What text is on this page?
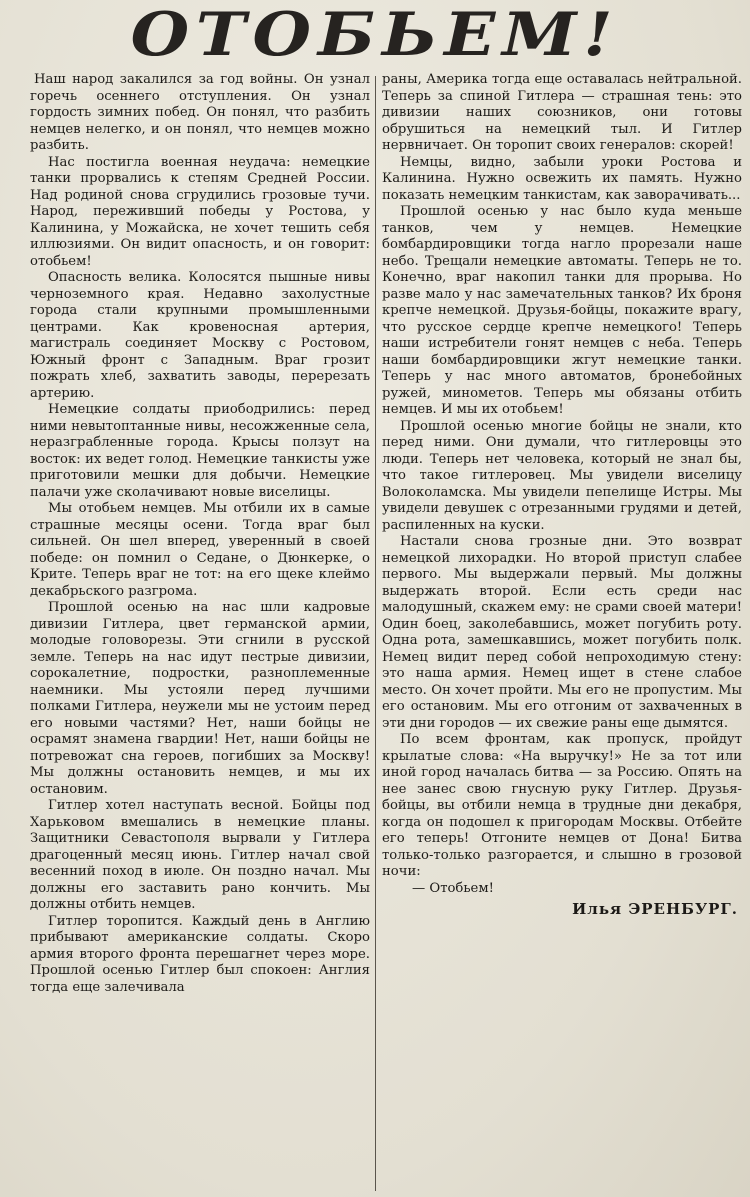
ОТОБЬЕМ!

Наш народ закалился за год войны. Он узнал горечь осеннего отступления. Он узнал гордость зимних побед. Он понял, что разбить немцев нелегко, и он понял, что немцев можно разбить.

Нас постигла военная неудача: немецкие танки прорвались к степям Средней России. Над родиной снова сгрудились грозовые тучи. Народ, переживший победы у Ростова, у Калинина, у Можайска, не хочет тешить себя иллюзиями. Он видит опасность, и он говорит: отобьем!

Опасность велика. Колосятся пышные нивы черноземного края. Недавно захолустные города стали крупными промышленными центрами. Как кровеносная артерия, магистраль соединяет Москву с Ростовом, Южный фронт с Западным. Враг грозит пожрать хлеб, захватить заводы, перерезать артерию.

Немецкие солдаты приободрились: перед ними невытоптанные нивы, несожженные села, неразграбленные города. Крысы ползут на восток: их ведет голод. Немецкие танкисты уже приготовили мешки для добычи. Немецкие палачи уже сколачивают новые виселицы.

Мы отобьем немцев. Мы отбили их в самые страшные месяцы осени. Тогда враг был сильней. Он шел вперед, уверенный в своей победе: он помнил о Седане, о Дюнкерке, о Крите. Теперь враг не тот: на его щеке клеймо декабрьского разгрома.

Прошлой осенью на нас шли кадровые дивизии Гитлера, цвет германской армии, молодые головорезы. Эти сгнили в русской земле. Теперь на нас идут пестрые дивизии, сорокалетние, подростки, разноплеменные наемники. Мы устояли перед лучшими полками Гитлера, неужели мы не устоим перед его новыми частями? Нет, наши бойцы не осрамят знамена гвардии! Нет, наши бойцы не потревожат сна героев, погибших за Москву! Мы должны остановить немцев, и мы их остановим.

Гитлер хотел наступать весной. Бойцы под Харьковом вмешались в немецкие планы. Защитники Севастополя вырвали у Гитлера драгоценный месяц июнь. Гитлер начал свой весенний поход в июле. Он поздно начал. Мы должны его заставить рано кончить. Мы должны отбить немцев.

Гитлер торопится. Каждый день в Англию прибывают американские солдаты. Скоро армия второго фронта перешагнет через море. Прошлой осенью Гитлер был спокоен: Англия тогда еще залечивала

раны, Америка тогда еще оставалась нейтральной. Теперь за спиной Гитлера — страшная тень: это дивизии наших союзников, они готовы обрушиться на немецкий тыл. И Гитлер нервничает. Он торопит своих генералов: скорей!

Немцы, видно, забыли уроки Ростова и Калинина. Нужно освежить их память. Нужно показать немецким танкистам, как заворачивать...

Прошлой осенью у нас было куда меньше танков, чем у немцев. Немецкие бомбардировщики тогда нагло прорезали наше небо. Трещали немецкие автоматы. Теперь не то. Конечно, враг накопил танки для прорыва. Но разве мало у нас замечательных танков? Их броня крепче немецкой. Друзья-бойцы, покажите врагу, что русское сердце крепче немецкого! Теперь наши истребители гонят немцев с неба. Теперь наши бомбардировщики жгут немецкие танки. Теперь у нас много автоматов, бронебойных ружей, минометов. Теперь мы обязаны отбить немцев. И мы их отобьем!

Прошлой осенью многие бойцы не знали, кто перед ними. Они думали, что гитлеровцы это люди. Теперь нет человека, который не знал бы, что такое гитлеровец. Мы увидели виселицу Волоколамска. Мы увидели пепелище Истры. Мы увидели девушек с отрезанными грудями и детей, распиленных на куски.

Настали снова грозные дни. Это возврат немецкой лихорадки. Но второй приступ слабее первого. Мы выдержали первый. Мы должны выдержать второй. Если есть среди нас малодушный, скажем ему: не срами своей матери! Один боец, заколебавшись, может погубить роту. Одна рота, замешкавшись, может погубить полк. Немец видит перед собой непроходимую стену: это наша армия. Немец ищет в стене слабое место. Он хочет пройти. Мы его не пропустим. Мы его остановим. Мы его отгоним от захваченных в эти дни городов — их свежие раны еще дымятся.

По всем фронтам, как пропуск, пройдут крылатые слова: «На выручку!» Не за тот или иной город началась битва — за Россию. Опять на нее занес свою гнусную руку Гитлер. Друзья-бойцы, вы отбили немца в трудные дни декабря, когда он подошел к пригородам Москвы. Отбейте его теперь! Отгоните немцев от Дона! Битва только-только разгорается, и слышно в грозовой ночи:

— Отобьем!

Илья ЭРЕНБУРГ.
